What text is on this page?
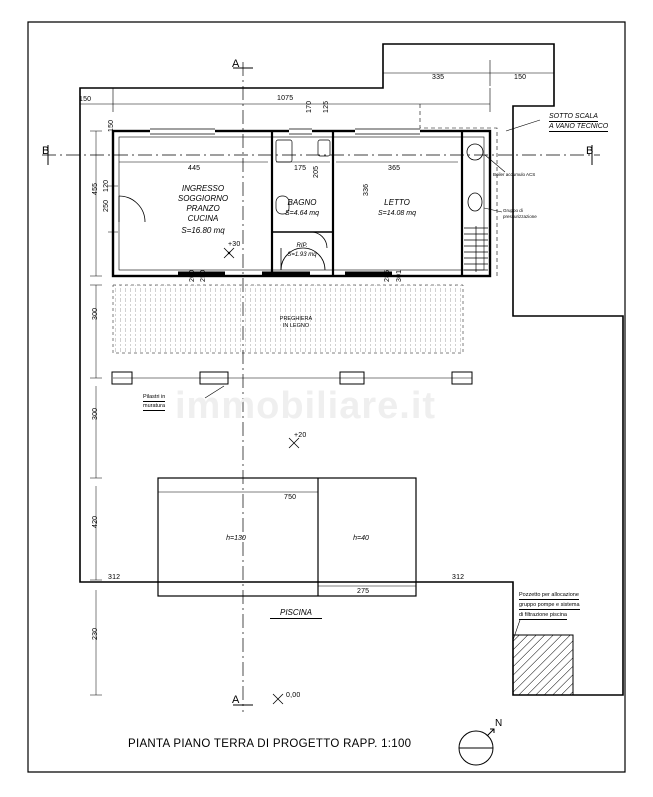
immobiliare.it
A
A
B	B
335	150
1075
150
150
445	175	365
170 125
205
336
120
250
455
300
300
420
230
200 250	285 301
750
275
312	312
INGRESSO
SOGGIORNO
PRANZO
CUCINA
S=16.80 mq
BAGNO
S=4.64 mq
RIP.
S=1.93 mq
LETTO
S=14.08 mq
PREGHIERA
IN LEGNO
SOTTO SCALA
A VANO TECNICO
Boiler accumulo ACS
Gruppo di
pressurizzazione
Pilastri in
muratura
Pozzetto per allocazione
gruppo pompe e sistema
di filtrazione piscina
+30
+20
0,00
h=130	h=40
PISCINA
N
PIANTA PIANO TERRA DI PROGETTO RAPP. 1:100
